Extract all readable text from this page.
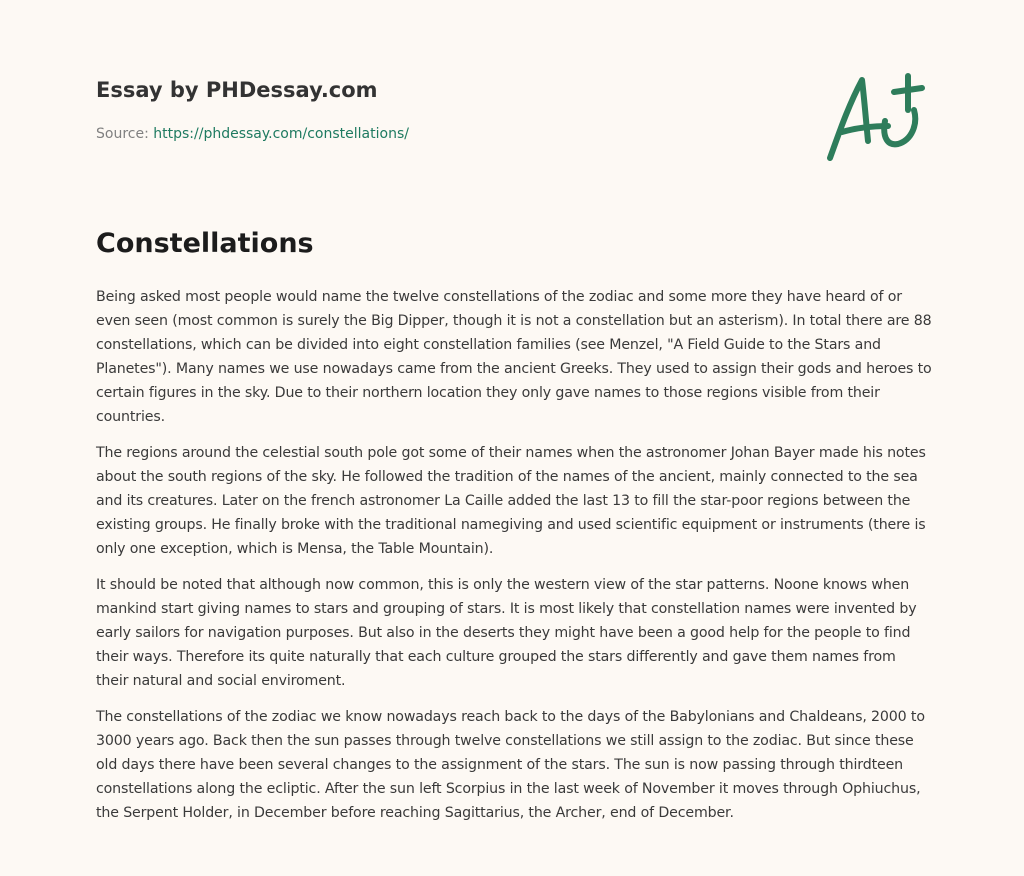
Essay by PHDessay.com
Source: https://phdessay.com/constellations/
Constellations

Being asked most people would name the twelve constellations of the zodiac and some more they have heard of or even seen (most common is surely the Big Dipper, though it is not a constellation but an asterism). In total there are 88 constellations, which can be divided into eight constellation families (see Menzel, "A Field Guide to the Stars and Planetes"). Many names we use nowadays came from the ancient Greeks. They used to assign their gods and heroes to certain figures in the sky. Due to their northern location they only gave names to those regions visible from their countries.

The regions around the celestial south pole got some of their names when the astronomer Johan Bayer made his notes about the south regions of the sky. He followed the tradition of the names of the ancient, mainly connected to the sea and its creatures. Later on the french astronomer La Caille added the last 13 to fill the star-poor regions between the existing groups. He finally broke with the traditional namegiving and used scientific equipment or instruments (there is only one exception, which is Mensa, the Table Mountain).

It should be noted that although now common, this is only the western view of the star patterns. Noone knows when mankind start giving names to stars and grouping of stars. It is most likely that constellation names were invented by early sailors for navigation purposes. But also in the deserts they might have been a good help for the people to find their ways. Therefore its quite naturally that each culture grouped the stars differently and gave them names from their natural and social enviroment.

The constellations of the zodiac we know nowadays reach back to the days of the Babylonians and Chaldeans, 2000 to 3000 years ago. Back then the sun passes through twelve constellations we still assign to the zodiac. But since these old days there have been several changes to the assignment of the stars. The sun is now passing through thirdteen constellations along the ecliptic. After the sun left Scorpius in the last week of November it moves through Ophiuchus, the Serpent Holder, in December before reaching Sagittarius, the Archer, end of December.
